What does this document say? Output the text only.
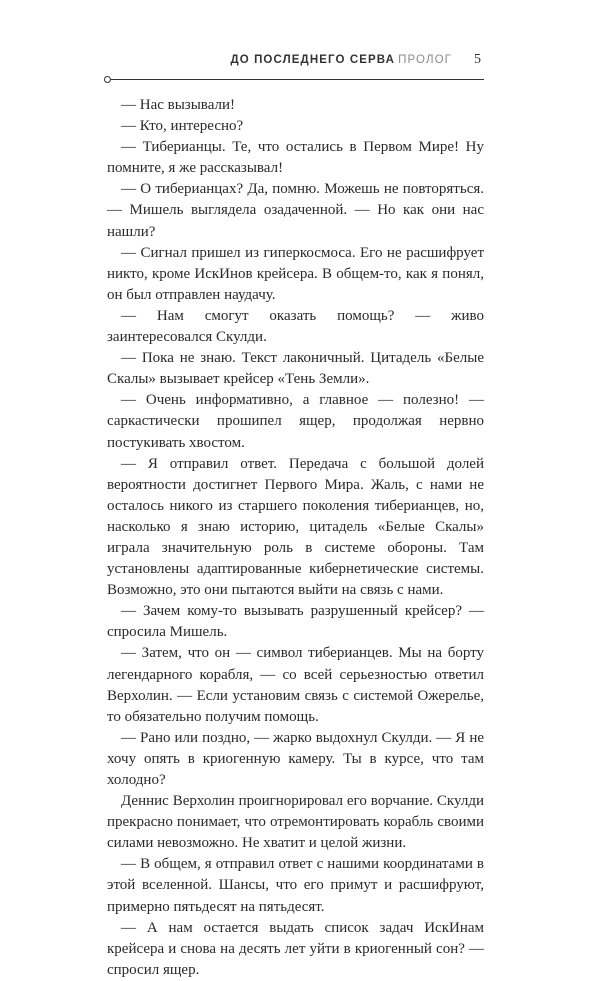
ДО ПОСЛЕДНЕГО СЕРВА ПРОЛОГ 5

— Нас вызывали!

— Кто, интересно?

— Тиберианцы. Те, что остались в Первом Мире! Ну помните, я же рассказывал!

— О тиберианцах? Да, помню. Можешь не повторяться. — Мишель выглядела озадаченной. — Но как они нас нашли?

— Сигнал пришел из гиперкосмоса. Его не расшифрует никто, кроме ИскИнов крейсера. В общем-то, как я понял, он был отправлен наудачу.

— Нам смогут оказать помощь? — живо заинтересовался Скулди.

— Пока не знаю. Текст лаконичный. Цитадель «Белые Скалы» вызывает крейсер «Тень Земли».

— Очень информативно, а главное — полезно! — саркастически прошипел ящер, продолжая нервно постукивать хвостом.

— Я отправил ответ. Передача с большой долей вероятности достигнет Первого Мира. Жаль, с нами не осталось никого из старшего поколения тиберианцев, но, насколько я знаю историю, цитадель «Белые Скалы» играла значительную роль в системе обороны. Там установлены адаптированные кибернетические системы. Возможно, это они пытаются выйти на связь с нами.

— Зачем кому-то вызывать разрушенный крейсер? — спросила Мишель.

— Затем, что он — символ тиберианцев. Мы на борту легендарного корабля, — со всей серьезностью ответил Верхолин. — Если установим связь с системой Ожерелье, то обязательно получим помощь.

— Рано или поздно, — жарко выдохнул Скулди. — Я не хочу опять в криогенную камеру. Ты в курсе, что там холодно?

Деннис Верхолин проигнорировал его ворчание. Скулди прекрасно понимает, что отремонтировать корабль своими силами невозможно. Не хватит и целой жизни.

— В общем, я отправил ответ с нашими координатами в этой вселенной. Шансы, что его примут и расшифруют, примерно пятьдесят на пятьдесят.

— А нам остается выдать список задач ИскИнам крейсера и снова на десять лет уйти в криогенный сон? — спросил ящер.
